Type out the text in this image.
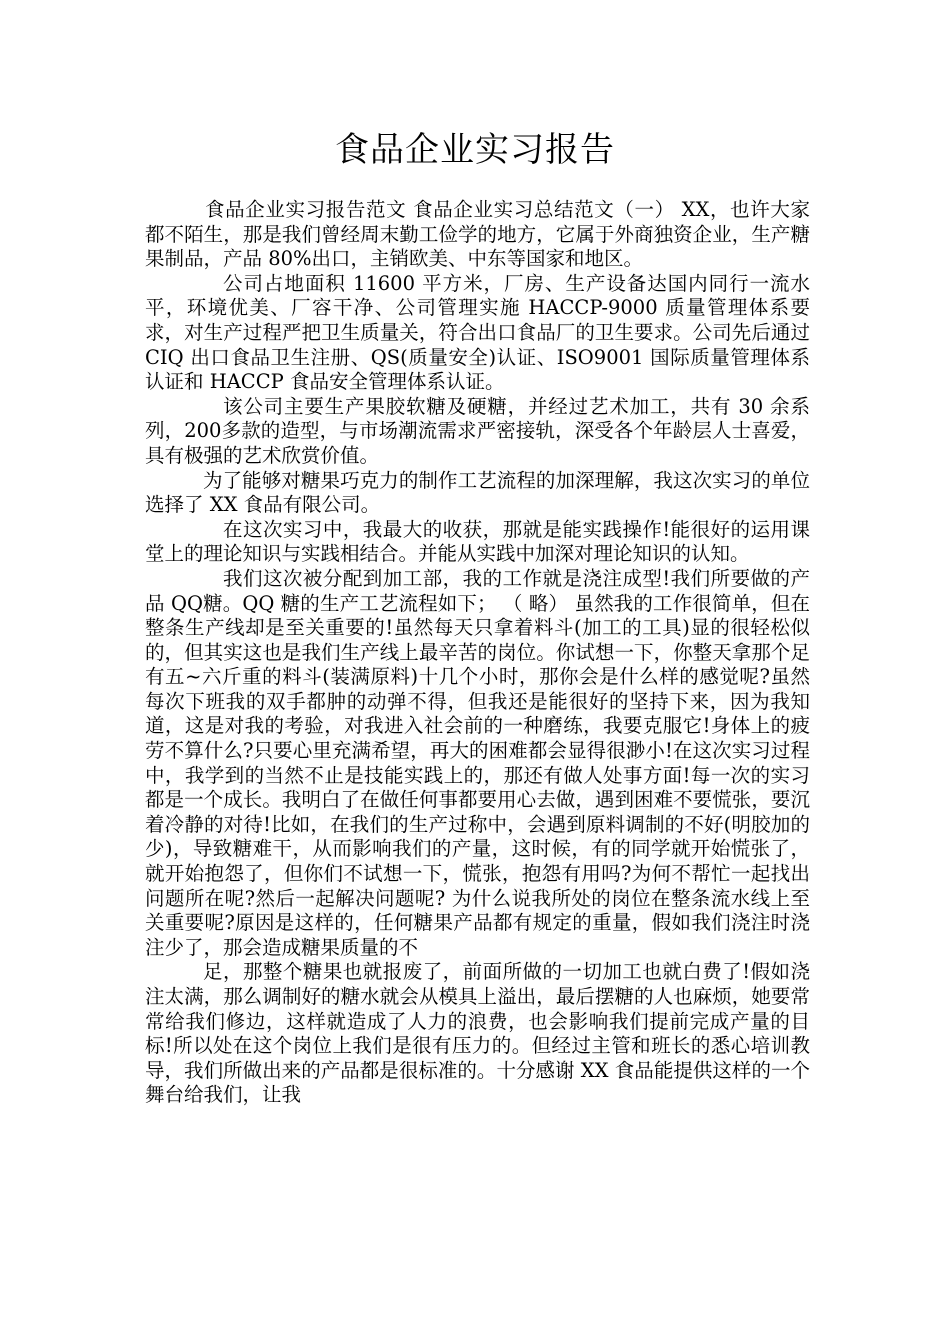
食品企业实习报告

食品企业实习报告范文 食品企业实习总结范文（一） XX，也许大家都不陌生，那是我们曾经周末勤工俭学的地方，它属于外商独资企业，生产糖果制品，产品 80%出口，主销欧美、中东等国家和地区。

公司占地面积 11600 平方米，厂房、生产设备达国内同行一流水平，环境优美、厂容干净、公司管理实施 HACCP-9000 质量管理体系要求，对生产过程严把卫生质量关，符合出口食品厂的卫生要求。公司先后通过 CIQ 出口食品卫生注册、QS(质量安全)认证、ISO9001 国际质量管理体系认证和 HACCP 食品安全管理体系认证。

该公司主要生产果胶软糖及硬糖，并经过艺术加工，共有 30 余系列，200多款的造型，与市场潮流需求严密接轨，深受各个年龄层人士喜爱，具有极强的艺术欣赏价值。

为了能够对糖果巧克力的制作工艺流程的加深理解，我这次实习的单位选择了 XX 食品有限公司。

在这次实习中，我最大的收获，那就是能实践操作!能很好的运用课堂上的理论知识与实践相结合。并能从实践中加深对理论知识的认知。

我们这次被分配到加工部，我的工作就是浇注成型!我们所要做的产品 QQ糖。QQ 糖的生产工艺流程如下； （ 略） 虽然我的工作很简单，但在整条生产线却是至关重要的!虽然每天只拿着料斗(加工的工具)显的很轻松似的，但其实这也是我们生产线上最辛苦的岗位。你试想一下，你整天拿那个足有五~六斤重的料斗(装满原料)十几个小时，那你会是什么样的感觉呢?虽然每次下班我的双手都肿的动弹不得，但我还是能很好的坚持下来，因为我知道，这是对我的考验，对我进入社会前的一种磨练，我要克服它!身体上的疲劳不算什么?只要心里充满希望，再大的困难都会显得很渺小!在这次实习过程中，我学到的当然不止是技能实践上的，那还有做人处事方面!每一次的实习都是一个成长。我明白了在做任何事都要用心去做，遇到困难不要慌张，要沉着冷静的对待!比如，在我们的生产过称中，会遇到原料调制的不好(明胶加的少)，导致糖难干，从而影响我们的产量，这时候，有的同学就开始慌张了，就开始抱怨了，但你们不试想一下，慌张，抱怨有用吗?为何不帮忙一起找出问题所在呢?然后一起解决问题呢? 为什么说我所处的岗位在整条流水线上至关重要呢?原因是这样的，任何糖果产品都有规定的重量，假如我们浇注时浇注少了，那会造成糖果质量的不

足，那整个糖果也就报废了，前面所做的一切加工也就白费了!假如浇注太满，那么调制好的糖水就会从模具上溢出，最后摆糖的人也麻烦，她要常常给我们修边，这样就造成了人力的浪费，也会影响我们提前完成产量的目标!所以处在这个岗位上我们是很有压力的。但经过主管和班长的悉心培训教导，我们所做出来的产品都是很标准的。十分感谢 XX 食品能提供这样的一个舞台给我们，让我
